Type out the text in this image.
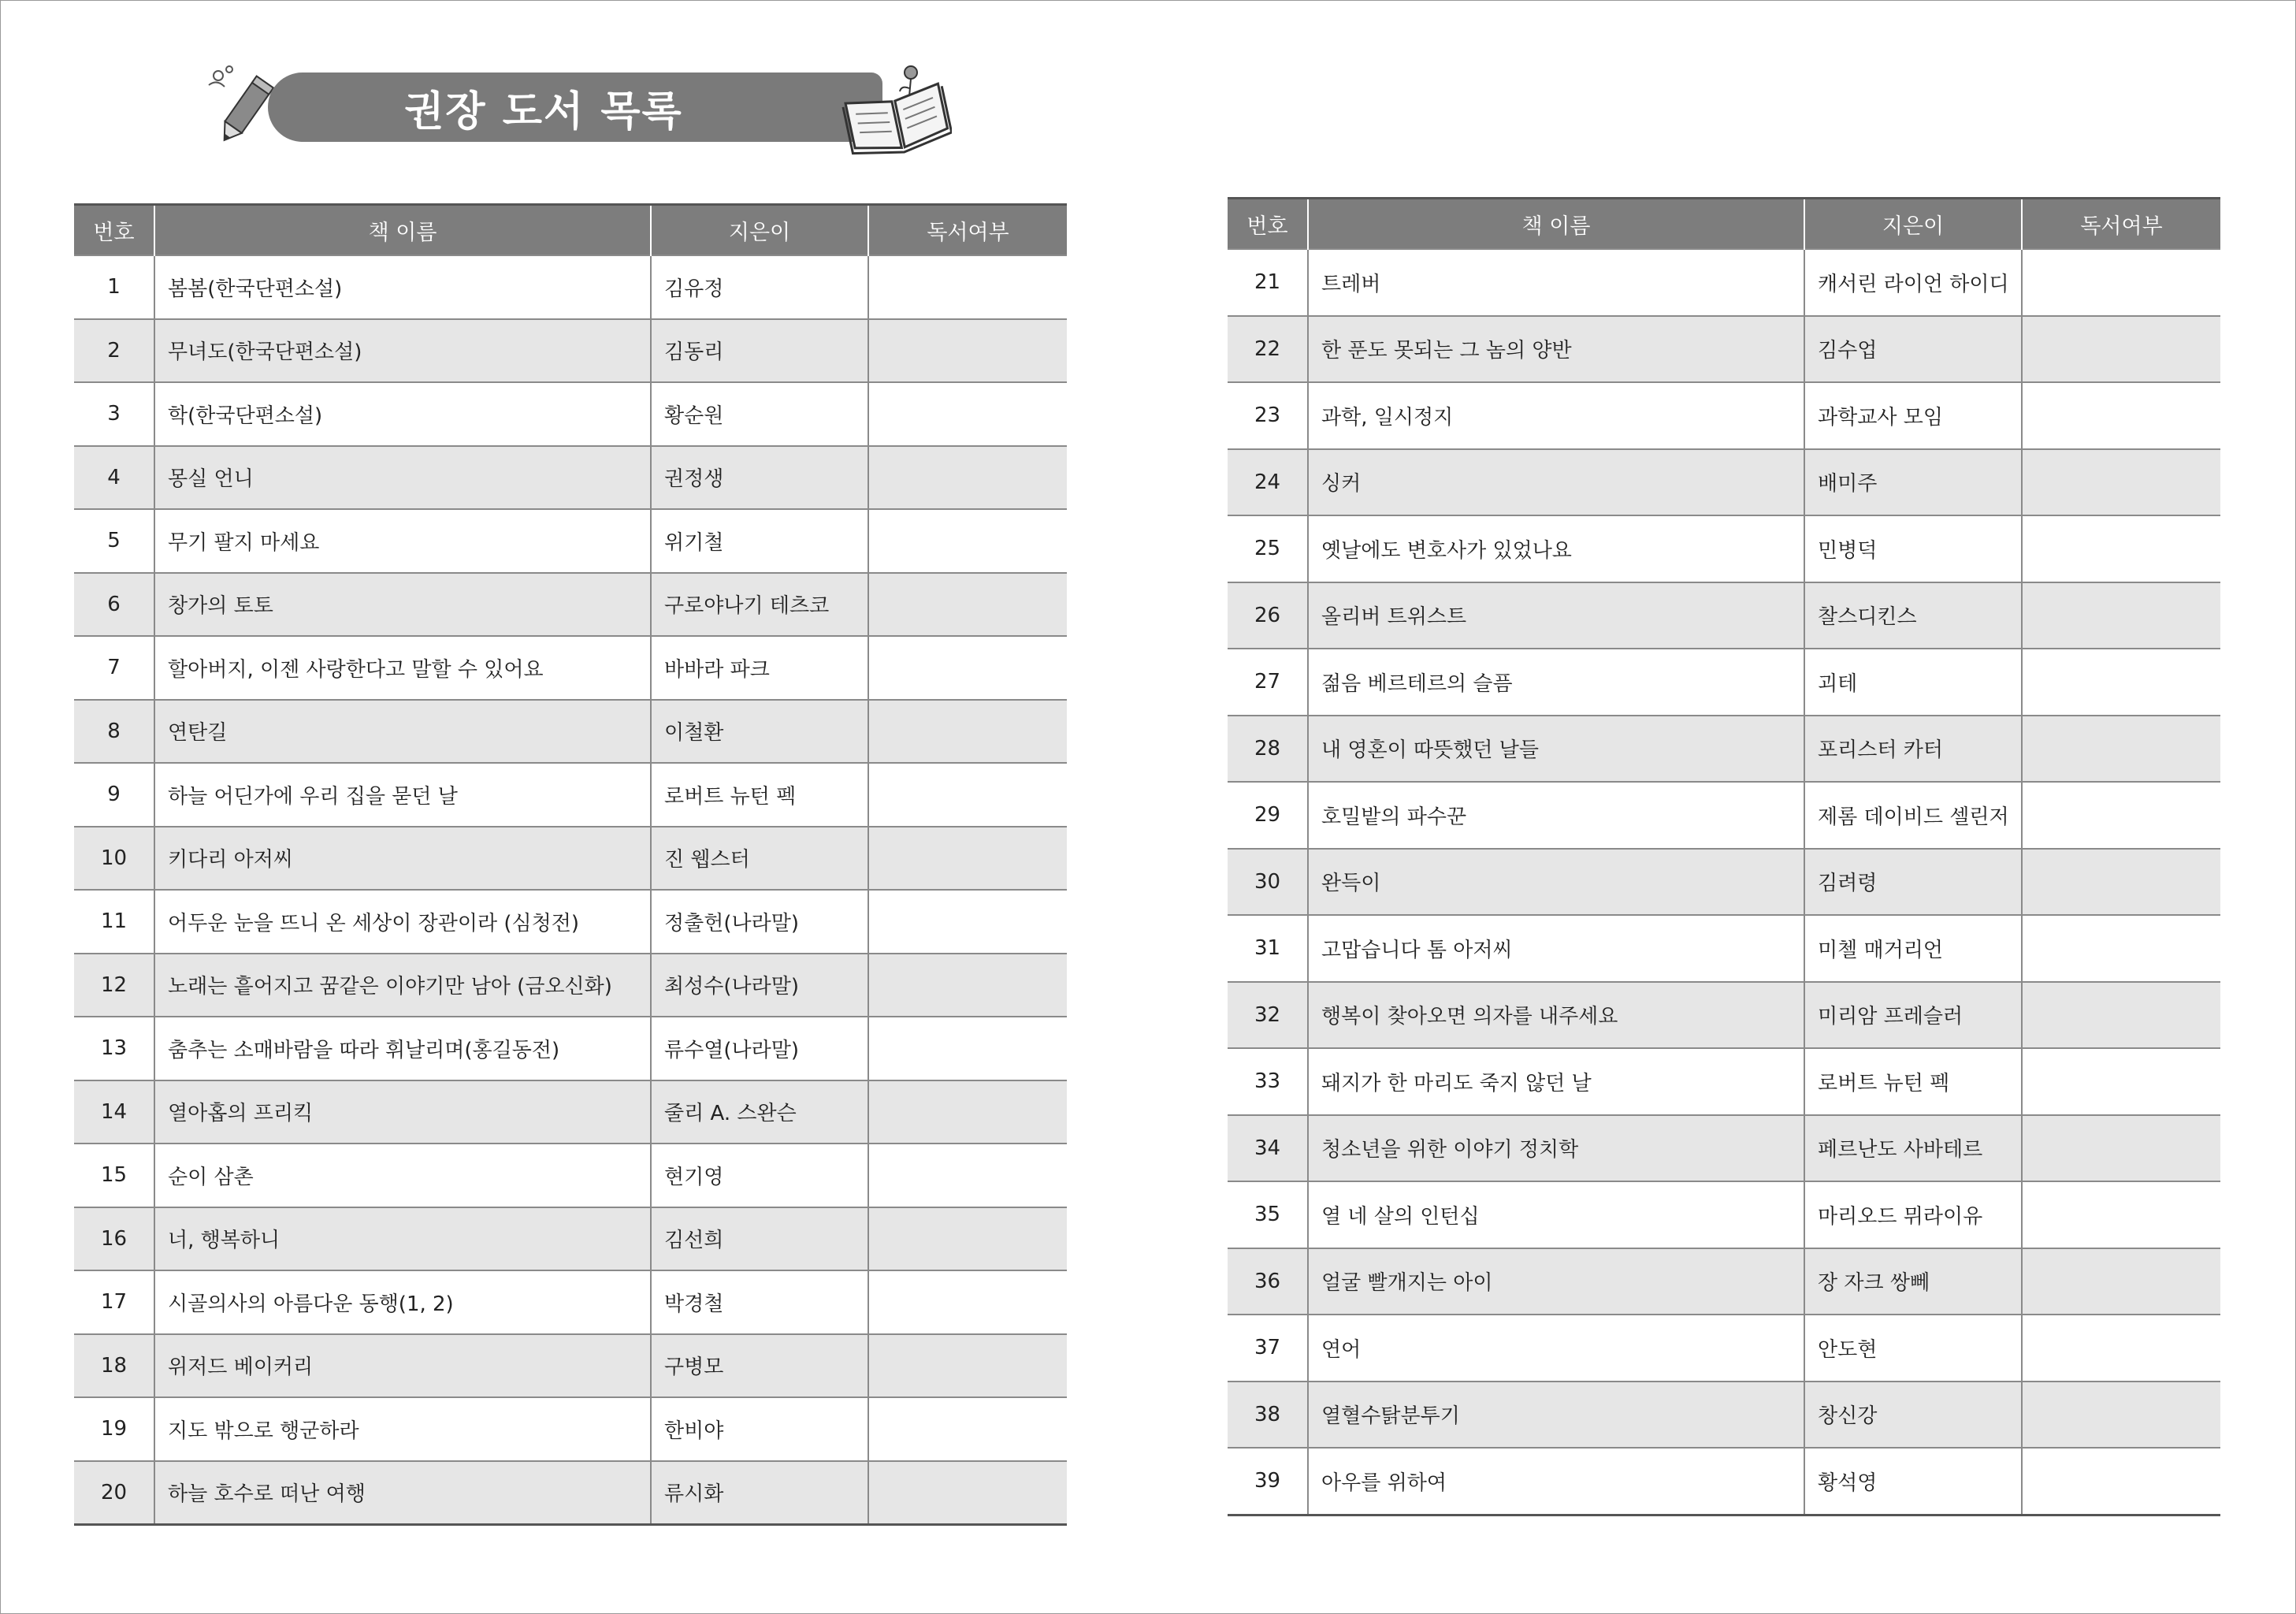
권장 도서 목록
번호	책 이름	지은이	독서여부
1	봄봄(한국단편소설)	김유정	
2	무녀도(한국단편소설)	김동리	
3	학(한국단편소설)	황순원	
4	몽실 언니	권정생	
5	무기 팔지 마세요	위기철	
6	창가의 토토	구로야나기 테츠코	
7	할아버지, 이젠 사랑한다고 말할 수 있어요	바바라 파크	
8	연탄길	이철환	
9	하늘 어딘가에 우리 집을 묻던 날	로버트 뉴턴 펙	
10	키다리 아저씨	진 웹스터	
11	어두운 눈을 뜨니 온 세상이 장관이라 (심청전)	정출헌(나라말)	
12	노래는 흩어지고 꿈같은 이야기만 남아 (금오신화)	최성수(나라말)	
13	춤추는 소매바람을 따라 휘날리며(홍길동전)	류수열(나라말)	
14	열아홉의 프리킥	줄리 A. 스완슨	
15	순이 삼촌	현기영	
16	너, 행복하니	김선희	
17	시골의사의 아름다운 동행(1, 2)	박경철	
18	위저드 베이커리	구병모	
19	지도 밖으로 행군하라	한비야	
20	하늘 호수로 떠난 여행	류시화	
번호	책 이름	지은이	독서여부
21	트레버	캐서린 라이언 하이디	
22	한 푼도 못되는 그 놈의 양반	김수업	
23	과학, 일시정지	과학교사 모임	
24	싱커	배미주	
25	옛날에도 변호사가 있었나요	민병덕	
26	올리버 트위스트	찰스디킨스	
27	젊음 베르테르의 슬픔	괴테	
28	내 영혼이 따뜻했던 날들	포리스터 카터	
29	호밀밭의 파수꾼	제롬 데이비드 셀린저	
30	완득이	김려령	
31	고맙습니다 톰 아저씨	미첼 매거리언	
32	행복이 찾아오면 의자를 내주세요	미리암 프레슬러	
33	돼지가 한 마리도 죽지 않던 날	로버트 뉴턴 펙	
34	청소년을 위한 이야기 정치학	페르난도 사바테르	
35	열 네 살의 인턴십	마리오드 뮈라이유	
36	얼굴 빨개지는 아이	장 자크 쌍뻬	
37	연어	안도현	
38	열혈수탉분투기	창신강	
39	아우를 위하여	황석영	
